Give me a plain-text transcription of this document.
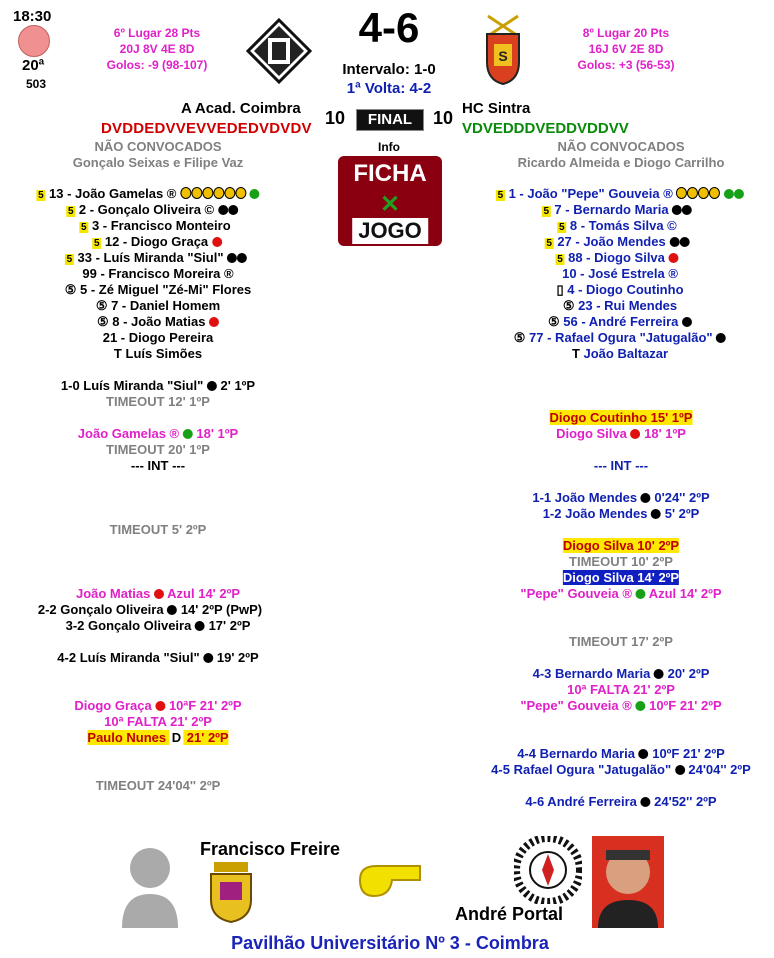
18:30
20ª
503
6º Lugar 28 Pts
20J 8V 4E 8D
Golos: -9 (98-107)
4-6
Intervalo: 1-0
1ª Volta: 4-2
S
8º Lugar 20 Pts
16J 6V 2E 8D
Golos: +3 (56-53)
A Acad. Coimbra
DVDDEDVVEVVEDEDVDVDV
10	FINAL	10 HC Sintra
VDVEDDDVEDDVDDVV
NÃO CONVOCADOS
Gonçalo Seixas e Filipe Vaz
NÃO CONVOCADOS
Ricardo Almeida e Diogo Carrilho
Info
FICHA
✕
JOGO
5 13 - João Gamelas ®
5 2 - Gonçalo Oliveira ©
5 3 - Francisco Monteiro
5 12 - Diogo Graça
5 33 - Luís Miranda "Siul"
99 - Francisco Moreira ®
⑤ 5 - Zé Miguel "Zé-Mi" Flores
⑤ 7 - Daniel Homem
⑤ 8 - João Matias
21 - Diogo Pereira
T Luís Simões
5 1 - João "Pepe" Gouveia ®
5 7 - Bernardo Maria
5 8 - Tomás Silva ©
5 27 - João Mendes
5 88 - Diogo Silva
10 - José Estrela ®
▯ 4 - Diogo Coutinho
⑤ 23 - Rui Mendes
⑤ 56 - André Ferreira
⑤ 77 - Rafael Ogura "Jatugalão"
T João Baltazar
1-0 Luís Miranda "Siul" 2' 1ºP
TIMEOUT 12' 1ºP
João Gamelas ® 18' 1ºP
TIMEOUT 20' 1ºP
--- INT ---
TIMEOUT 5' 2ºP
João Matias Azul 14' 2ºP
2-2 Gonçalo Oliveira 14' 2ºP (PwP)
3-2 Gonçalo Oliveira 17' 2ºP
4-2 Luís Miranda "Siul" 19' 2ºP
Diogo Graça 10ªF 21' 2ºP
10ª FALTA 21' 2ºP
Paulo Nunes D 21' 2ºP
TIMEOUT 24'04'' 2ºP
Diogo Coutinho 15' 1ºP
Diogo Silva 18' 1ºP
--- INT ---
1-1 João Mendes 0'24'' 2ºP
1-2 João Mendes 5' 2ºP
Diogo Silva 10' 2ºP
TIMEOUT 10' 2ºP
Diogo Silva 14' 2ºP
"Pepe" Gouveia ® Azul 14' 2ºP
TIMEOUT 17' 2ºP
4-3 Bernardo Maria 20' 2ºP
10ª FALTA 21' 2ºP
"Pepe" Gouveia ® 10ºF 21' 2ºP
4-4 Bernardo Maria 10ºF 21' 2ºP
4-5 Rafael Ogura "Jatugalão" 24'04'' 2ºP
4-6 André Ferreira 24'52'' 2ºP
Francisco Freire
André Portal
Pavilhão Universitário Nº 3 - Coimbra
